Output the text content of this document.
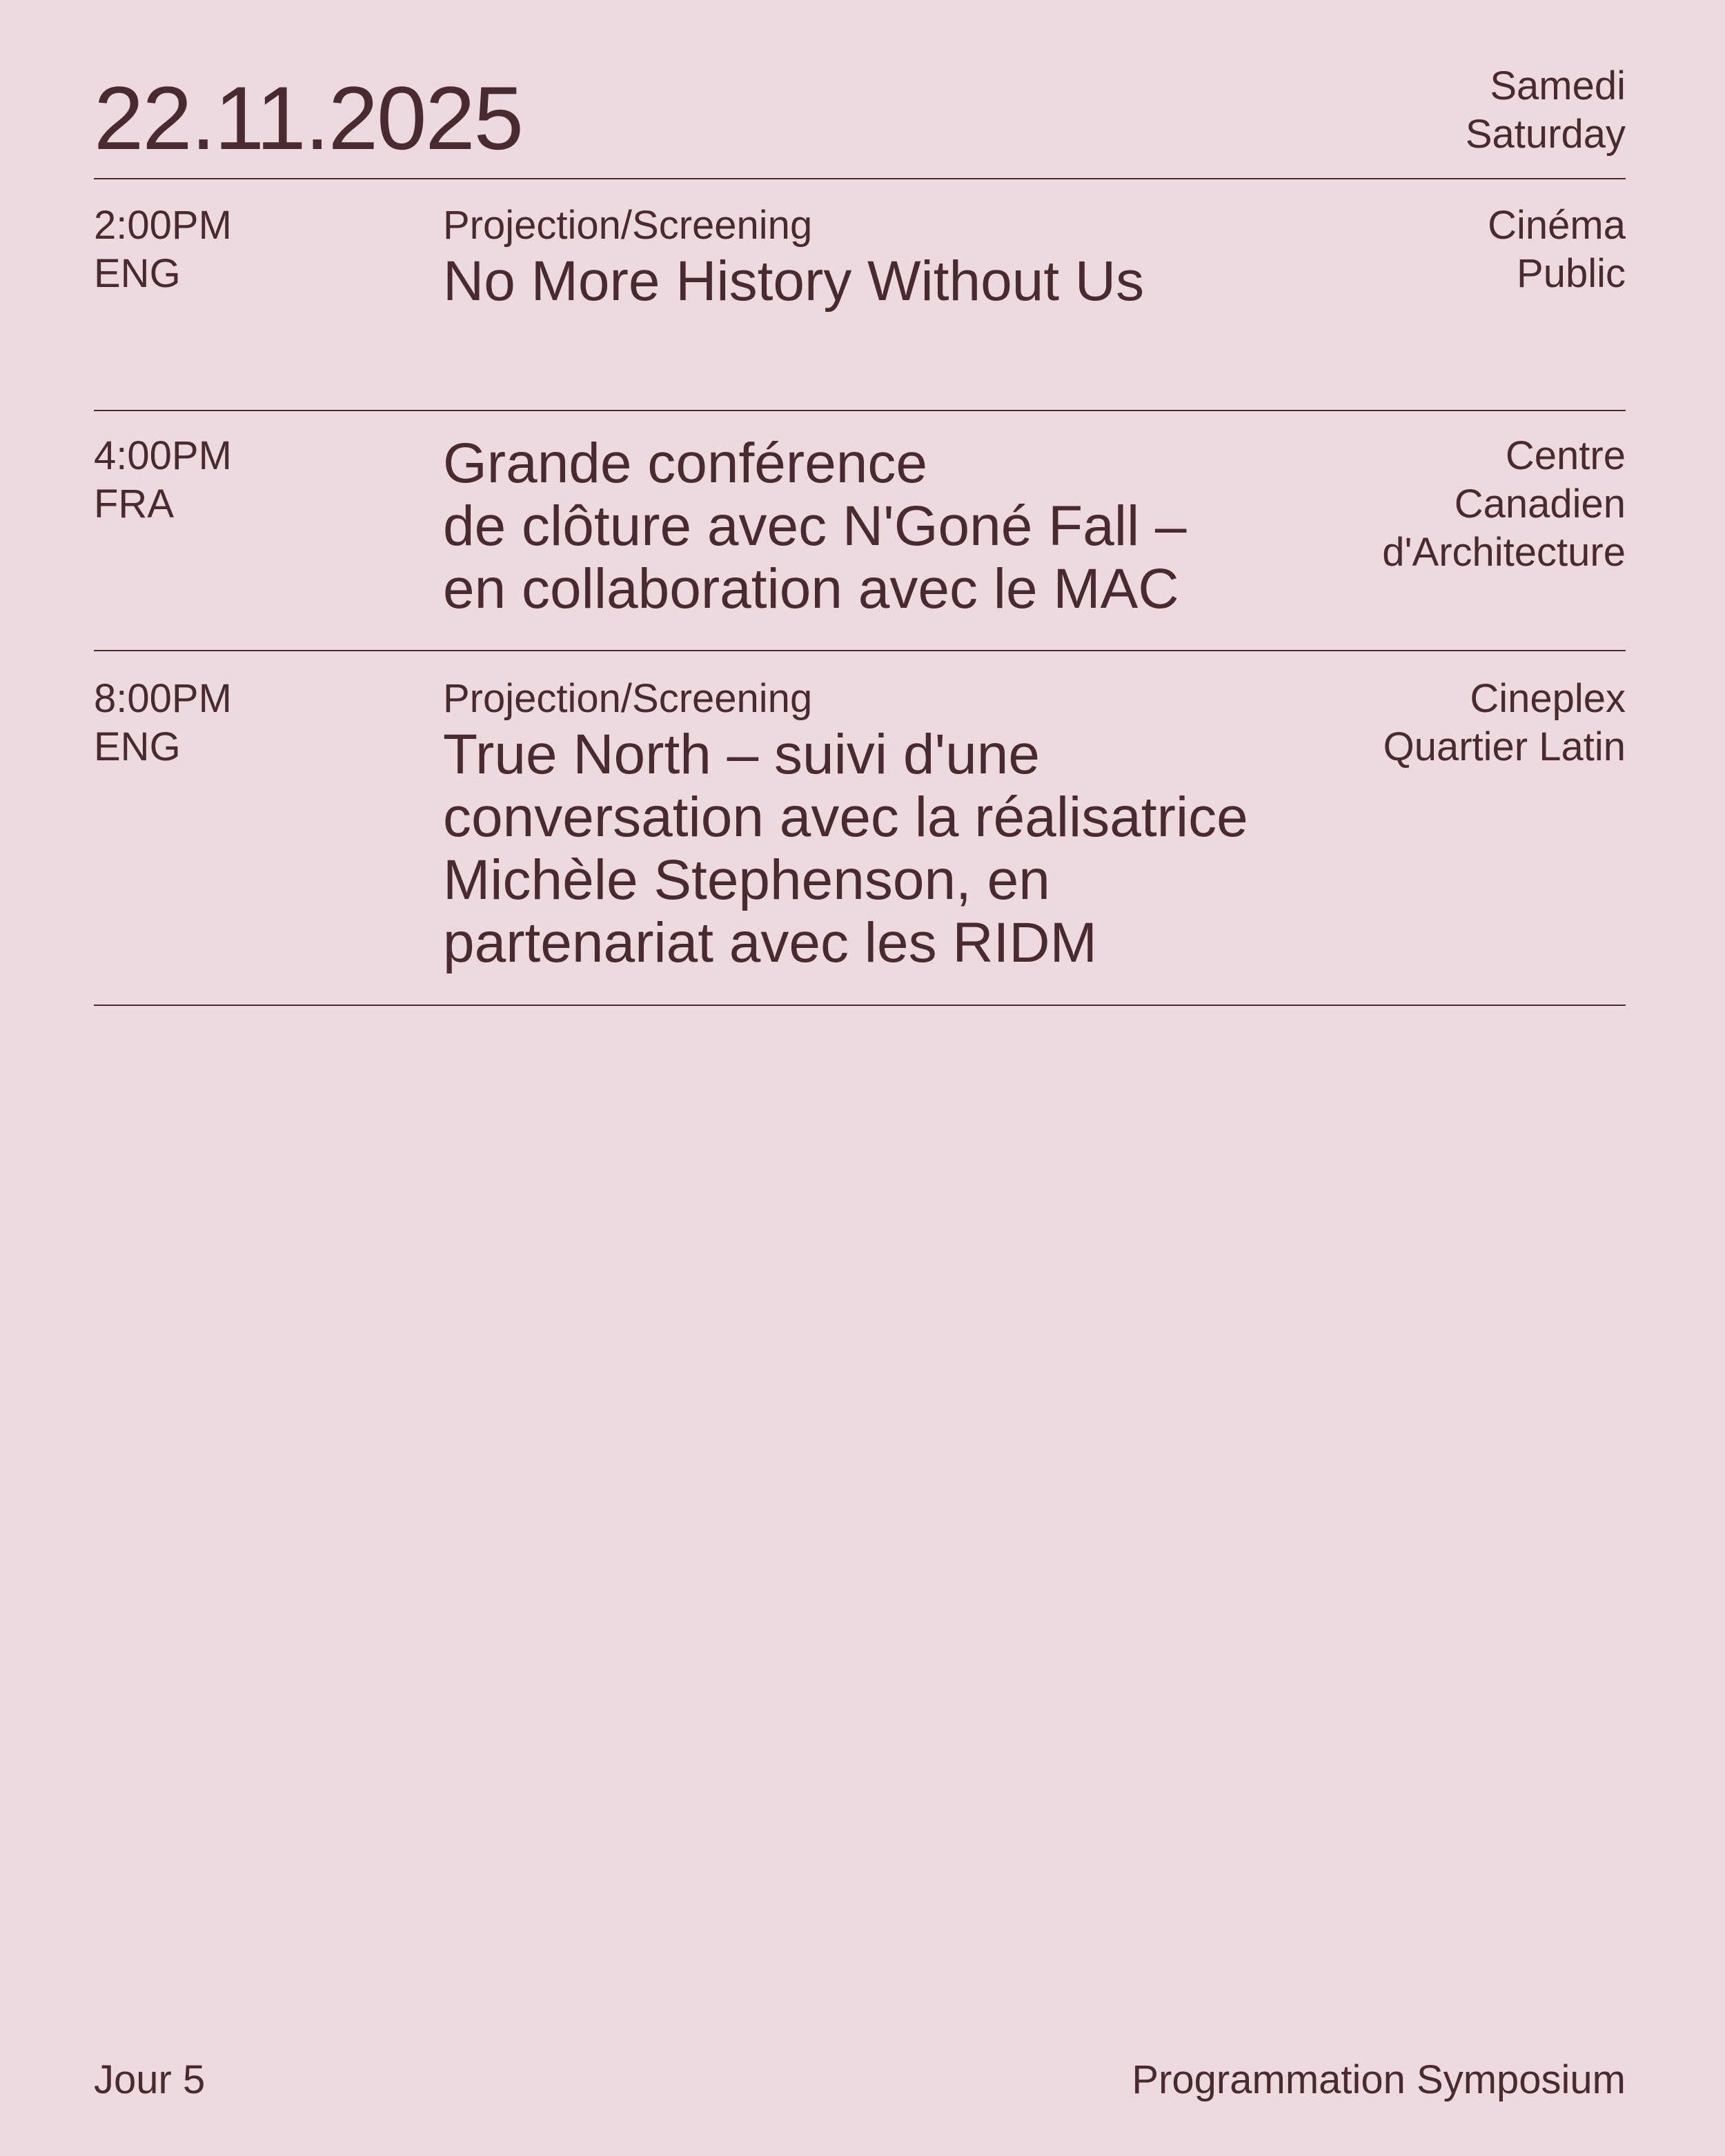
22.11.2025	Samedi
Saturday
2:00PM
ENG
Projection/Screening
No More History Without Us
Cinéma
Public
4:00PM
FRA
Grande conférence
de clôture avec N'Goné Fall –
en collaboration avec le MAC
Centre
Canadien
d'Architecture
8:00PM
ENG
Projection/Screening
True North – suivi d'une
conversation avec la réalisatrice
Michèle Stephenson, en
partenariat avec les RIDM
Cineplex
Quartier Latin
Jour 5	Programmation Symposium
